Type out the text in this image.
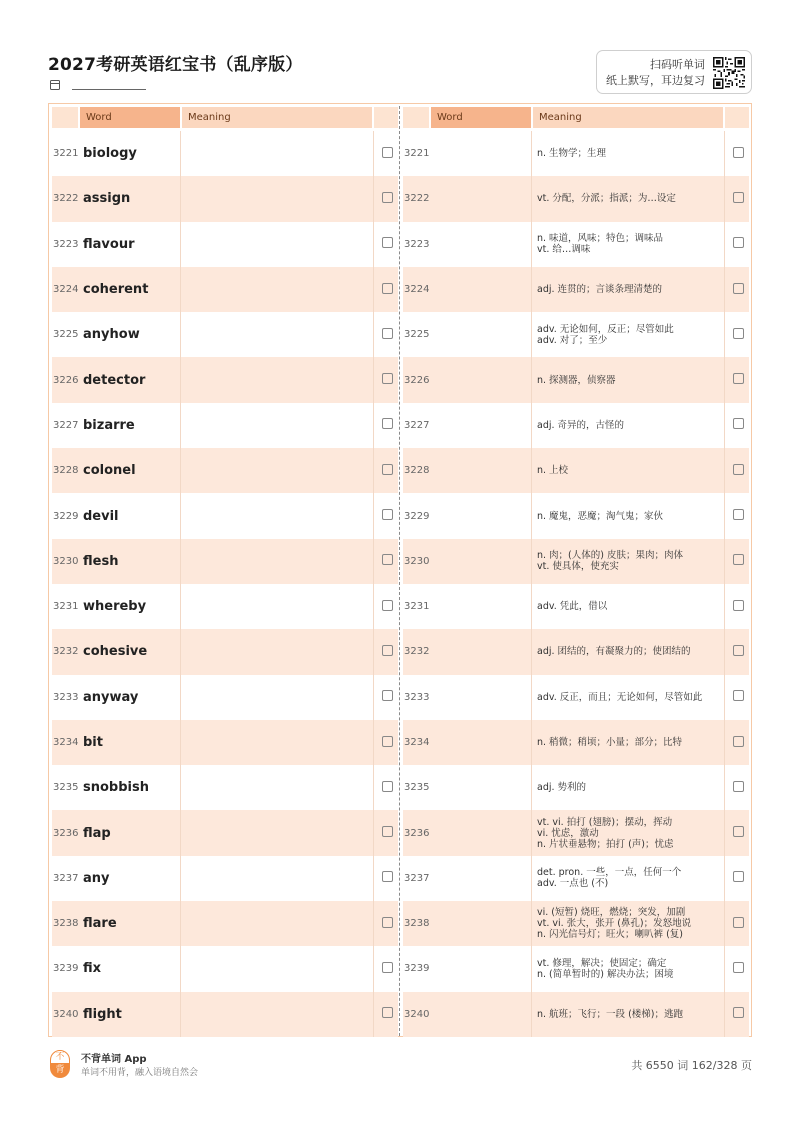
2027考研英语红宝书（乱序版）	扫码听单词
纸上默写，耳边复习
Word	Meaning
3221 biology
3222 assign
3223 flavour
3224 coherent
3225 anyhow
3226 detector
3227 bizarre
3228 colonel
3229 devil
3230 flesh
3231 whereby
3232 cohesive
3233 anyway
3234 bit
3235 snobbish
3236 flap
3237 any
3238 flare
3239 fix
3240 flight
Word	Meaning
3221	n. 生物学；生理
3222	vt. 分配，分派；指派；为…设定
3223	n. 味道，风味；特色；调味品
vt. 给…调味
3224	adj. 连贯的；言谈条理清楚的
3225	adv. 无论如何，反正；尽管如此
adv. 对了；至少
3226	n. 探测器，侦察器
3227	adj. 奇异的，古怪的
3228	n. 上校
3229	n. 魔鬼，恶魔；淘气鬼；家伙
3230	n. 肉；(人体的) 皮肤；果肉；肉体
vt. 使具体，使充实
3231	adv. 凭此，借以
3232	adj. 团结的，有凝聚力的；使团结的
3233	adv. 反正，而且；无论如何，尽管如此
3234	n. 稍微；稍顷；小量；部分；比特
3235	adj. 势利的
3236
vt. vi. 拍打 (翅膀)；摆动，挥动
vi. 忧虑，激动
n. 片状垂悬物；拍打 (声)；忧虑
3237	det. pron. 一些，一点，任何一个
adv. 一点也 (不)
3238
vi. (短暂) 烧旺，燃烧；突发，加剧
vt. vi. 张大，张开 (鼻孔)；发怒地说
n. 闪光信号灯；旺火；喇叭裤 (复)
3239	vt. 修理，解决；使固定；确定
n. (简单暂时的) 解决办法；困境
3240	n. 航班；飞行；一段 (楼梯)；逃跑
不
背
不背单词 App
单词不用背，融入语境自然会
共 6550 词 162/328 页
